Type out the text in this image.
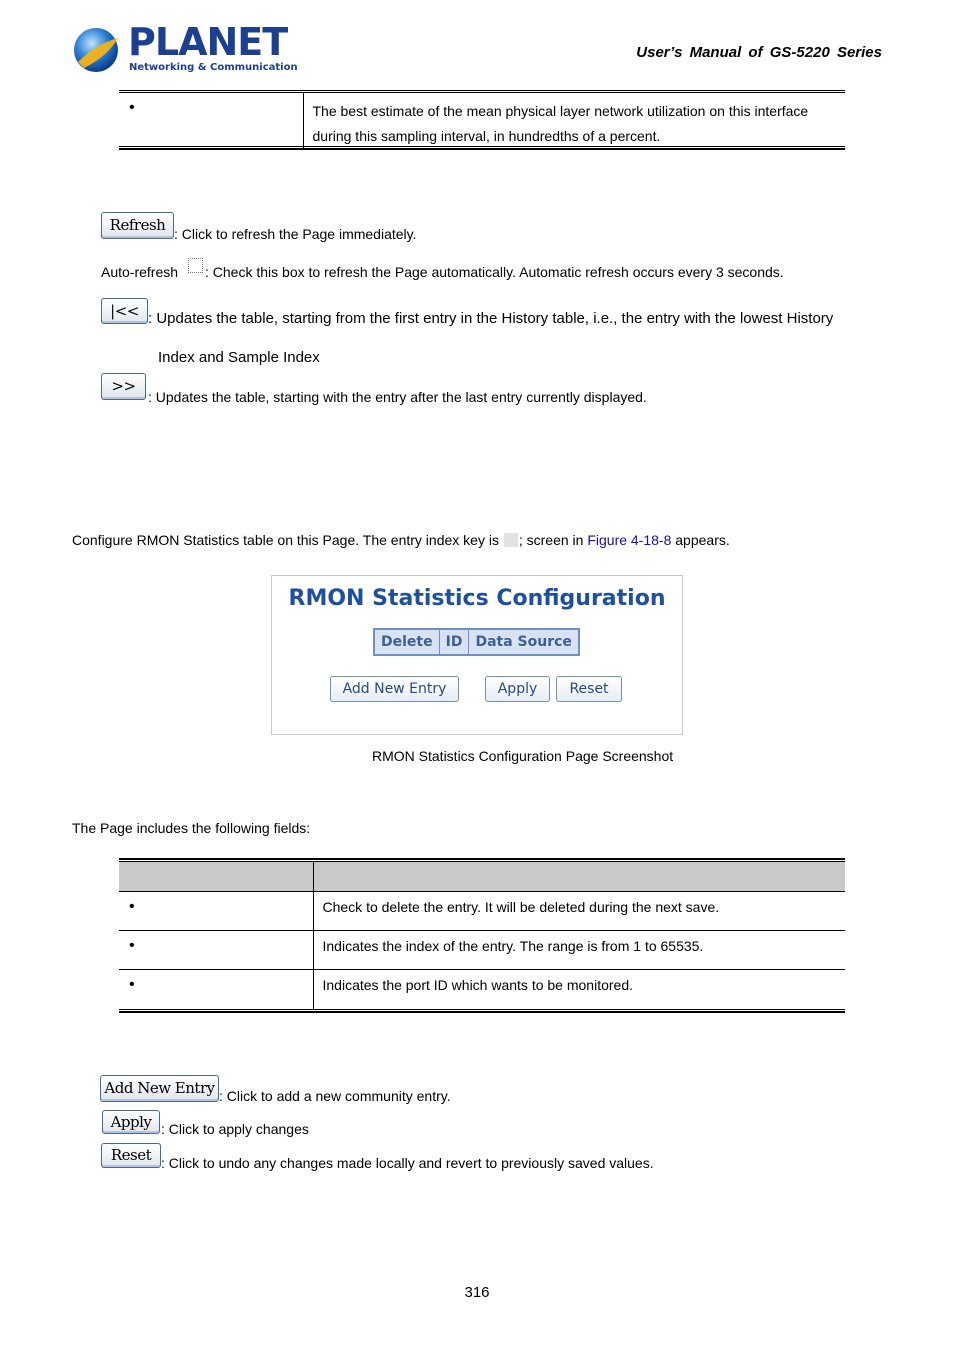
PLANET
Networking & Communication
User’s Manual of GS-5220 Series
•	The best estimate of the mean physical layer network utilization on this interface
during this sampling interval, in hundredths of a percent.
Refresh : Click to refresh the Page immediately.
Auto-refresh : Check this box to refresh the Page automatically. Automatic refresh occurs every 3 seconds.
|<< : Updates the table, starting from the first entry in the History table, i.e., the entry with the lowest History
Index and Sample Index
>>
: Updates the table, starting with the entry after the last entry currently displayed.
Configure RMON Statistics table on this Page. The entry index key is ; screen in Figure 4-18-8 appears.
RMON Statistics Configuration
Delete ID Data Source
Add New Entry	Apply	Reset
RMON Statistics Configuration Page Screenshot
The Page includes the following fields:

•	Check to delete the entry. It will be deleted during the next save.
•	Indicates the index of the entry. The range is from 1 to 65535.
•	Indicates the port ID which wants to be monitored.
Add New Entry : Click to add a new community entry.
Apply : Click to apply changes
Reset : Click to undo any changes made locally and revert to previously saved values.
316
